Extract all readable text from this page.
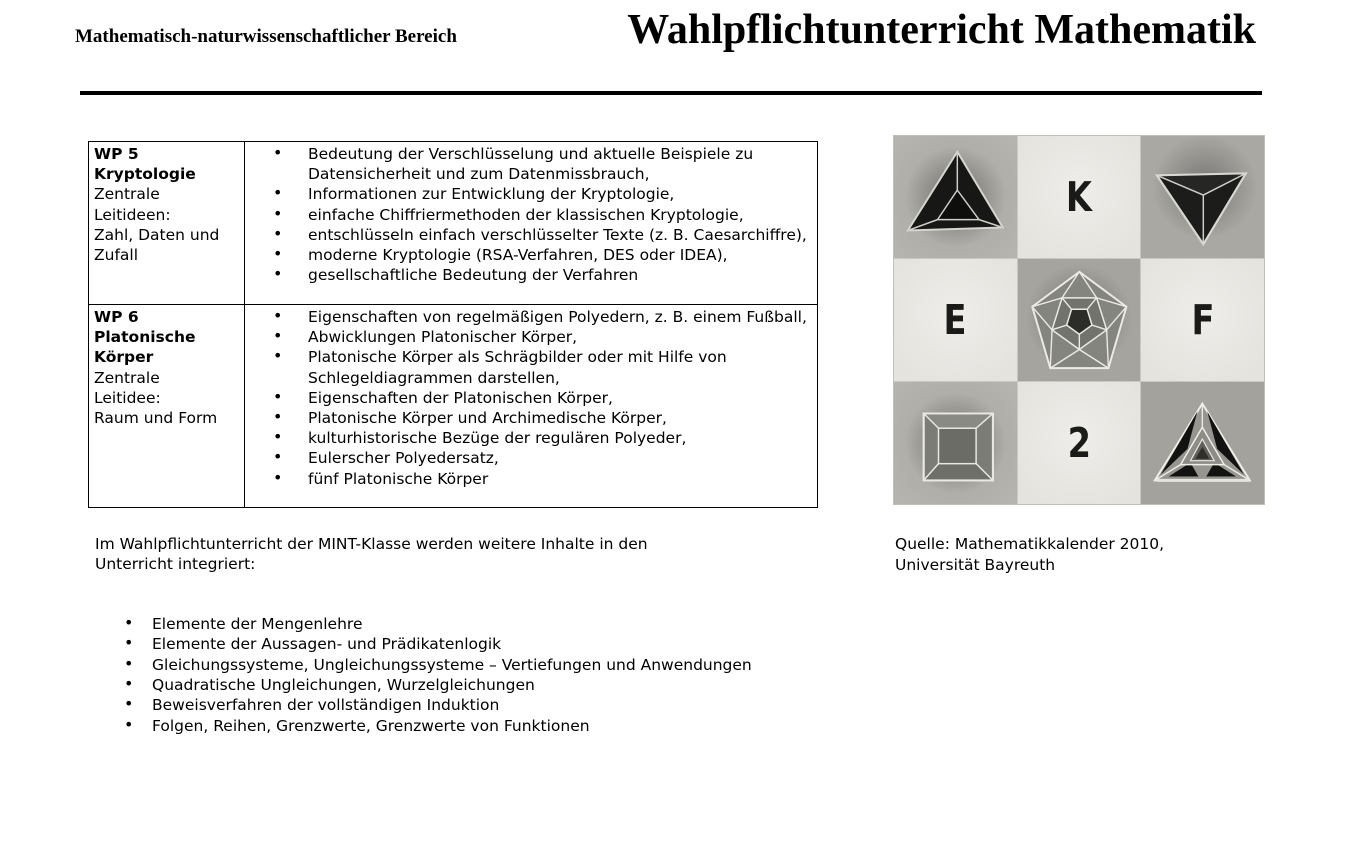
Mathematisch-naturwissenschaftlicher Bereich	Wahlpflichtunterricht Mathematik
WP 5
Kryptologie
Zentrale
Leitideen:
Zahl, Daten und
Zufall

• Bedeutung der Verschlüsselung und aktuelle Beispiele zu Datensicherheit und zum Datenmissbrauch,
• Informationen zur Entwicklung der Kryptologie,
• einfache Chiffriermethoden der klassischen Kryptologie,
• entschlüsseln einfach verschlüsselter Texte (z. B. Caesarchiffre),
• moderne Kryptologie (RSA-Verfahren, DES oder IDEA),
• gesellschaftliche Bedeutung der Verfahren

WP 6
Platonische
Körper
Zentrale
Leitidee:
Raum und Form

• Eigenschaften von regelmäßigen Polyedern, z. B. einem Fußball,
• Abwicklungen Platonischer Körper,
• Platonische Körper als Schrägbilder oder mit Hilfe von Schlegeldiagrammen darstellen,
• Eigenschaften der Platonischen Körper,
• Platonische Körper und Archimedische Körper,
• kulturhistorische Bezüge der regulären Polyeder,
• Eulerscher Polyedersatz,
• fünf Platonische Körper
Im Wahlpflichtunterricht der MINT-Klasse werden weitere Inhalte in den
Unterricht integriert:
• Elemente der Mengenlehre
• Elemente der Aussagen- und Prädikatenlogik
• Gleichungssysteme, Ungleichungssysteme – Vertiefungen und Anwendungen
• Quadratische Ungleichungen, Wurzelgleichungen
• Beweisverfahren der vollständigen Induktion
• Folgen, Reihen, Grenzwerte, Grenzwerte von Funktionen
K
E	F
2
Quelle: Mathematikkalender 2010,
Universität Bayreuth
